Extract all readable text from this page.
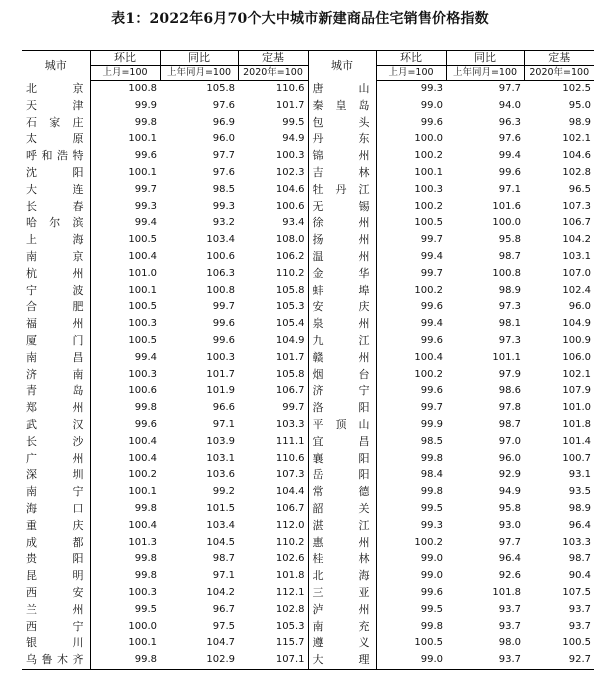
表1：2022年6月70个大中城市新建商品住宅销售价格指数
城市	环比	同比	定基	城市	环比	同比	定基
	上月=100	上年同月=100	2020年=100		上月=100	上年同月=100	2020年=100
北京	100.8	105.8	110.6	唐山	99.3	97.7	102.5
天津	99.9	97.6	101.7	秦皇岛	99.0	94.0	95.0
石家庄	99.8	96.9	99.5	包头	99.6	96.3	98.9
太原	100.1	96.0	94.9	丹东	100.0	97.6	102.1
呼和浩特	99.6	97.7	100.3	锦州	100.2	99.4	104.6
沈阳	100.1	97.6	102.3	吉林	100.1	99.6	102.8
大连	99.7	98.5	104.6	牡丹江	100.3	97.1	96.5
长春	99.3	99.3	100.6	无锡	100.2	101.6	107.3
哈尔滨	99.4	93.2	93.4	徐州	100.5	100.0	106.7
上海	100.5	103.4	108.0	扬州	99.7	95.8	104.2
南京	100.4	100.6	106.2	温州	99.4	98.7	103.1
杭州	101.0	106.3	110.2	金华	99.7	100.8	107.0
宁波	100.1	100.8	105.8	蚌埠	100.2	98.9	102.4
合肥	100.5	99.7	105.3	安庆	99.6	97.3	96.0
福州	100.3	99.6	105.4	泉州	99.4	98.1	104.9
厦门	100.5	99.6	104.9	九江	99.6	97.3	100.9
南昌	99.4	100.3	101.7	赣州	100.4	101.1	106.0
济南	100.3	101.7	105.8	烟台	100.2	97.9	102.1
青岛	100.6	101.9	106.7	济宁	99.6	98.6	107.9
郑州	99.8	96.6	99.7	洛阳	99.7	97.8	101.0
武汉	99.6	97.1	103.3	平顶山	99.9	98.7	101.8
长沙	100.4	103.9	111.1	宜昌	98.5	97.0	101.4
广州	100.4	103.1	110.6	襄阳	99.8	96.0	100.7
深圳	100.2	103.6	107.3	岳阳	98.4	92.9	93.1
南宁	100.1	99.2	104.4	常德	99.8	94.9	93.5
海口	99.8	101.5	106.7	韶关	99.5	95.8	98.9
重庆	100.4	103.4	112.0	湛江	99.3	93.0	96.4
成都	101.3	104.5	110.2	惠州	100.2	97.7	103.3
贵阳	99.8	98.7	102.6	桂林	99.0	96.4	98.7
昆明	99.8	97.1	101.8	北海	99.0	92.6	90.4
西安	100.3	104.2	112.1	三亚	99.6	101.8	107.5
兰州	99.5	96.7	102.8	泸州	99.5	93.7	93.7
西宁	100.0	97.5	105.3	南充	99.8	93.7	93.7
银川	100.1	104.7	115.7	遵义	100.5	98.0	100.5
乌鲁木齐	99.8	102.9	107.1	大理	99.0	93.7	92.7
